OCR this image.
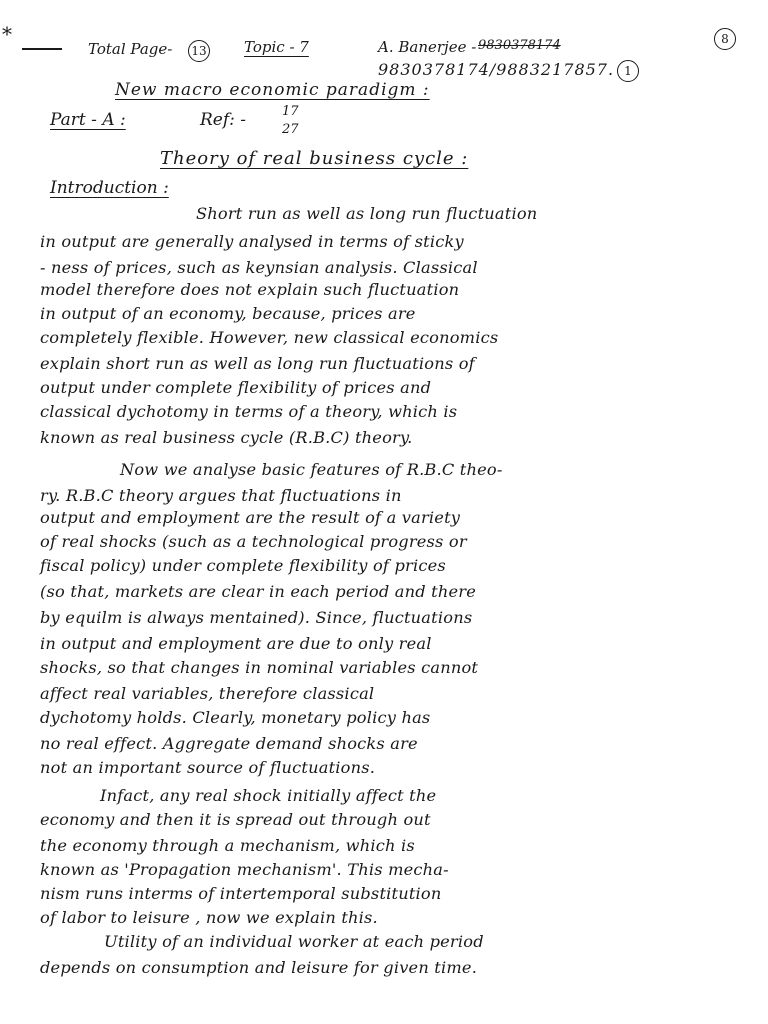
*
Total Page- 13 Topic - 7	A. Banerjee - 9830378174
9830378174/9883217857. 1
8
New macro economic paradigm :
Part - A :	Ref: -	17
27
Theory of real business cycle :
Introduction :
Short run as well as long run fluctuation
in output are generally analysed in terms of sticky
- ness of prices, such as keynsian analysis. Classical
model therefore does not explain such fluctuation
in output of an economy, because, prices are
completely flexible. However, new classical economics
explain short run as well as long run fluctuations of
output under complete flexibility of prices and
classical dychotomy in terms of a theory, which is
known as real business cycle (R.B.C) theory.
Now we analyse basic features of R.B.C theo-
ry. R.B.C theory argues that fluctuations in
output and employment are the result of a variety
of real shocks (such as a technological progress or
fiscal policy) under complete flexibility of prices
(so that, markets are clear in each period and there
by equilm is always mentained). Since, fluctuations
in output and employment are due to only real
shocks, so that changes in nominal variables cannot
affect real variables, therefore classical
dychotomy holds. Clearly, monetary policy has
no real effect. Aggregate demand shocks are
not an important source of fluctuations.
Infact, any real shock initially affect the
economy and then it is spread out through out
the economy through a mechanism, which is
known as 'Propagation mechanism'. This mecha-
nism runs interms of intertemporal substitution
of labor to leisure , now we explain this.
Utility of an individual worker at each period
depends on consumption and leisure for given time.
